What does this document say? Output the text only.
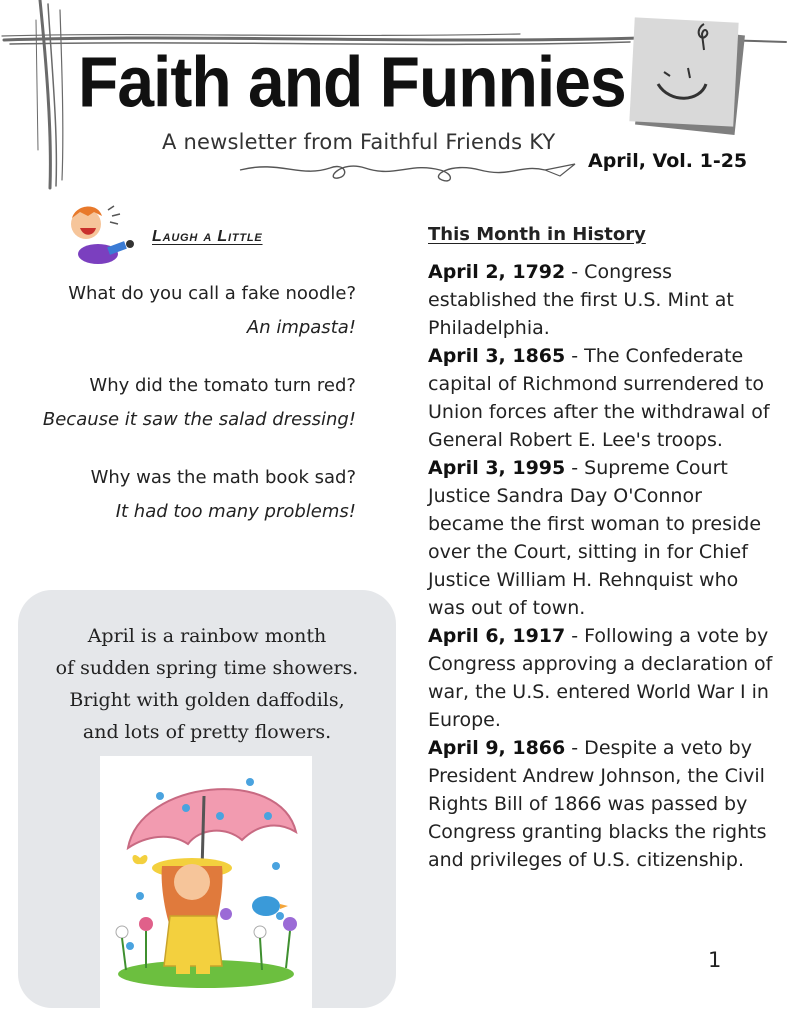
Faith and Funnies
A newsletter from Faithful Friends KY
April, Vol. 1-25
Laugh a Little
What do you call a fake noodle?
An impasta!
Why did the tomato turn red?
Because it saw the salad dressing!
Why was the math book sad?
It had too many problems!
April is a rainbow month
of sudden spring time showers.
Bright with golden daffodils,
and lots of pretty flowers.
This Month in History
April 2, 1792 - Congress established the first U.S. Mint at Philadelphia.
April 3, 1865 - The Confederate capital of Richmond surrendered to Union forces after the withdrawal of General Robert E. Lee's troops.
April 3, 1995 - Supreme Court Justice Sandra Day O'Connor became the first woman to preside over the Court, sitting in for Chief Justice William H. Rehnquist who was out of town.
April 6, 1917 - Following a vote by Congress approving a declaration of war, the U.S. entered World War I in Europe.
April 9, 1866 - Despite a veto by President Andrew Johnson, the Civil Rights Bill of 1866 was passed by Congress granting blacks the rights and privileges of U.S. citizenship.
1
